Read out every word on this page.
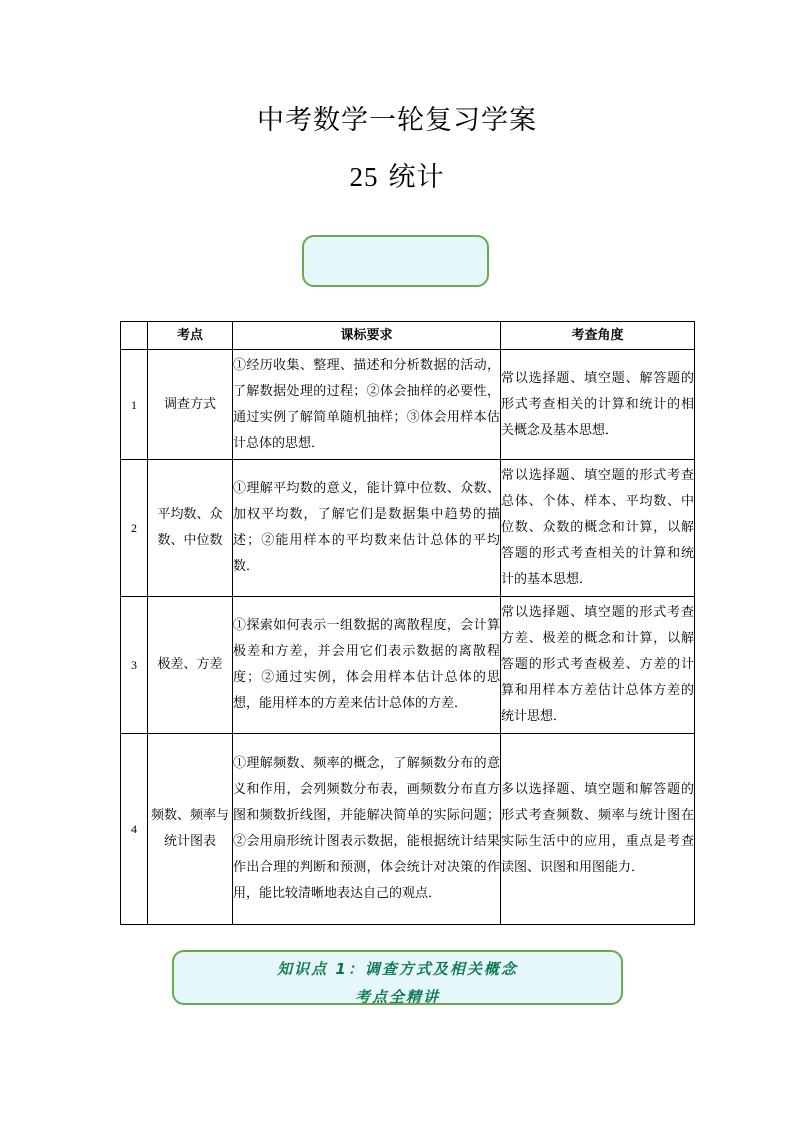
中考数学一轮复习学案
25 统计
	考点	课标要求	考查角度
1	调查方式	①经历收集、整理、描述和分析数据的活动，了解数据处理的过程；②体会抽样的必要性，通过实例了解简单随机抽样；③体会用样本估计总体的思想．	常以选择题、填空题、解答题的形式考查相关的计算和统计的相关概念及基本思想．
2	平均数、众数、中位数	①理解平均数的意义，能计算中位数、众数、加权平均数，了解它们是数据集中趋势的描述；②能用样本的平均数来估计总体的平均数．	常以选择题、填空题的形式考查总体、个体、样本、平均数、中位数、众数的概念和计算，以解答题的形式考查相关的计算和统计的基本思想．
3	极差、方差	①探索如何表示一组数据的离散程度，会计算极差和方差，并会用它们表示数据的离散程度；②通过实例，体会用样本估计总体的思想，能用样本的方差来估计总体的方差．	常以选择题、填空题的形式考查方差、极差的概念和计算，以解答题的形式考查极差、方差的计算和用样本方差估计总体方差的统计思想．
4	频数、频率与统计图表	①理解频数、频率的概念，了解频数分布的意义和作用，会列频数分布表，画频数分布直方图和频数折线图，并能解决简单的实际问题；②会用扇形统计图表示数据，能根据统计结果作出合理的判断和预测，体会统计对决策的作用，能比较清晰地表达自己的观点．	多以选择题、填空题和解答题的形式考查频数、频率与统计图在实际生活中的应用，重点是考查读图、识图和用图能力．
知识点 1：调查方式及相关概念
考点全精讲
